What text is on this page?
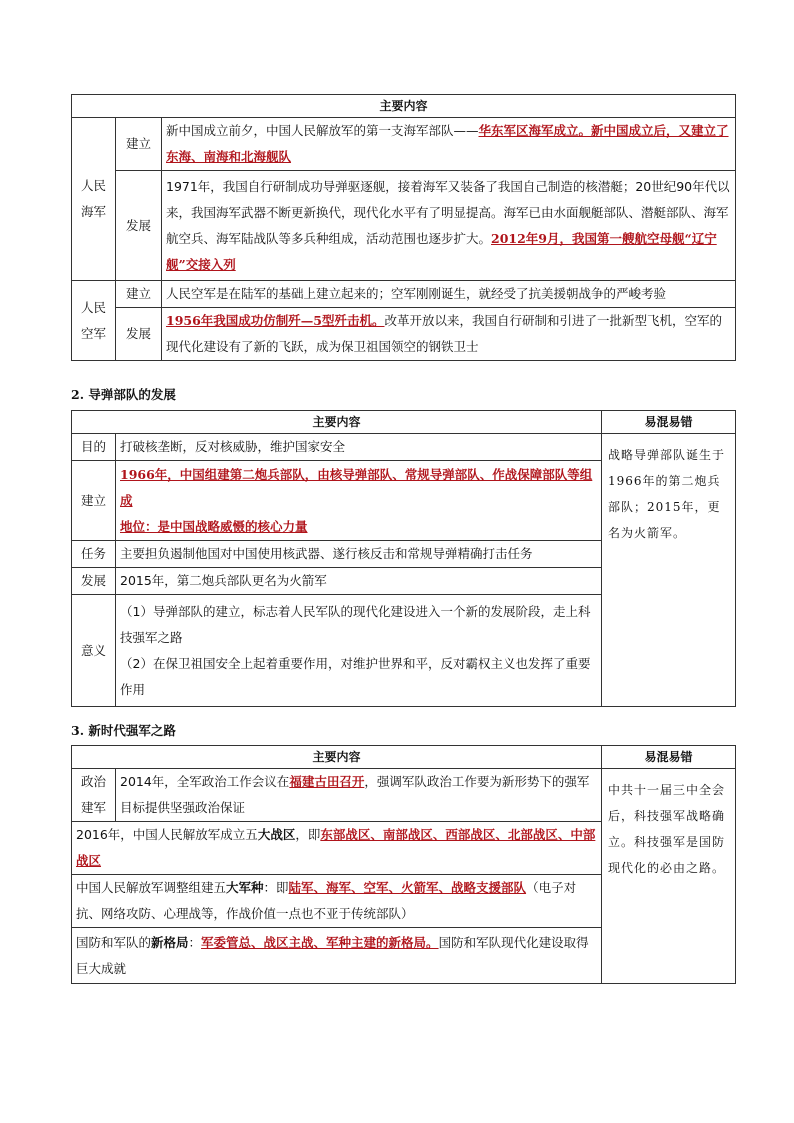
主要内容		
人民海军	建立	新中国成立前夕，中国人民解放军的第一支海军部队——华东军区海军成立。新中国成立后，又建立了东海、南海和北海舰队
	发展	1971年，我国自行研制成功导弹驱逐舰，接着海军又装备了我国自己制造的核潜艇；20世纪90年代以来，我国海军武器不断更新换代，现代化水平有了明显提高。海军已由水面舰艇部队、潜艇部队、海军航空兵、海军陆战队等多兵种组成，活动范围也逐步扩大。2012年9月，我国第一艘航空母舰“辽宁舰”交接入列
人民空军	建立	人民空军是在陆军的基础上建立起来的；空军刚刚诞生，就经受了抗美援朝战争的严峻考验
	发展	1956年我国成功仿制歼—5型歼击机。改革开放以来，我国自行研制和引进了一批新型飞机，空军的现代化建设有了新的飞跃，成为保卫祖国领空的钢铁卫士
2. 导弹部队的发展
主要内容		易混易错
目的	打破核垄断，反对核威胁，维护国家安全	战略导弹部队诞生于1966年的第二炮兵部队；2015年，更名为火箭军。
建立	1966年，中国组建第二炮兵部队，由核导弹部队、常规导弹部队、作战保障部队等组成

地位：是中国战略威慑的核心力量	

任务	主要担负遏制他国对中国使用核武器、遂行核反击和常规导弹精确打击任务	
发展	2015年，第二炮兵部队更名为火箭军	
意义	（1）导弹部队的建立，标志着人民军队的现代化建设进入一个新的发展阶段，走上科技强军之路

（2）在保卫祖国安全上起着重要作用，对维护世界和平，反对霸权主义也发挥了重要作用	

3. 新时代强军之路
主要内容		易混易错
政治建军	2014年，全军政治工作会议在福建古田召开，强调军队政治工作要为新形势下的强军目标提供坚强政治保证	中共十一届三中全会后，科技强军战略确立。科技强军是国防现代化的必由之路。
2016年，中国人民解放军成立五大战区，即东部战区、南部战区、西部战区、北部战区、中部战区		
中国人民解放军调整组建五大军种：即陆军、海军、空军、火箭军、战略支援部队（电子对抗、网络攻防、心理战等，作战价值一点也不亚于传统部队）		
国防和军队的新格局：军委管总、战区主战、军种主建的新格局。国防和军队现代化建设取得巨大成就		
